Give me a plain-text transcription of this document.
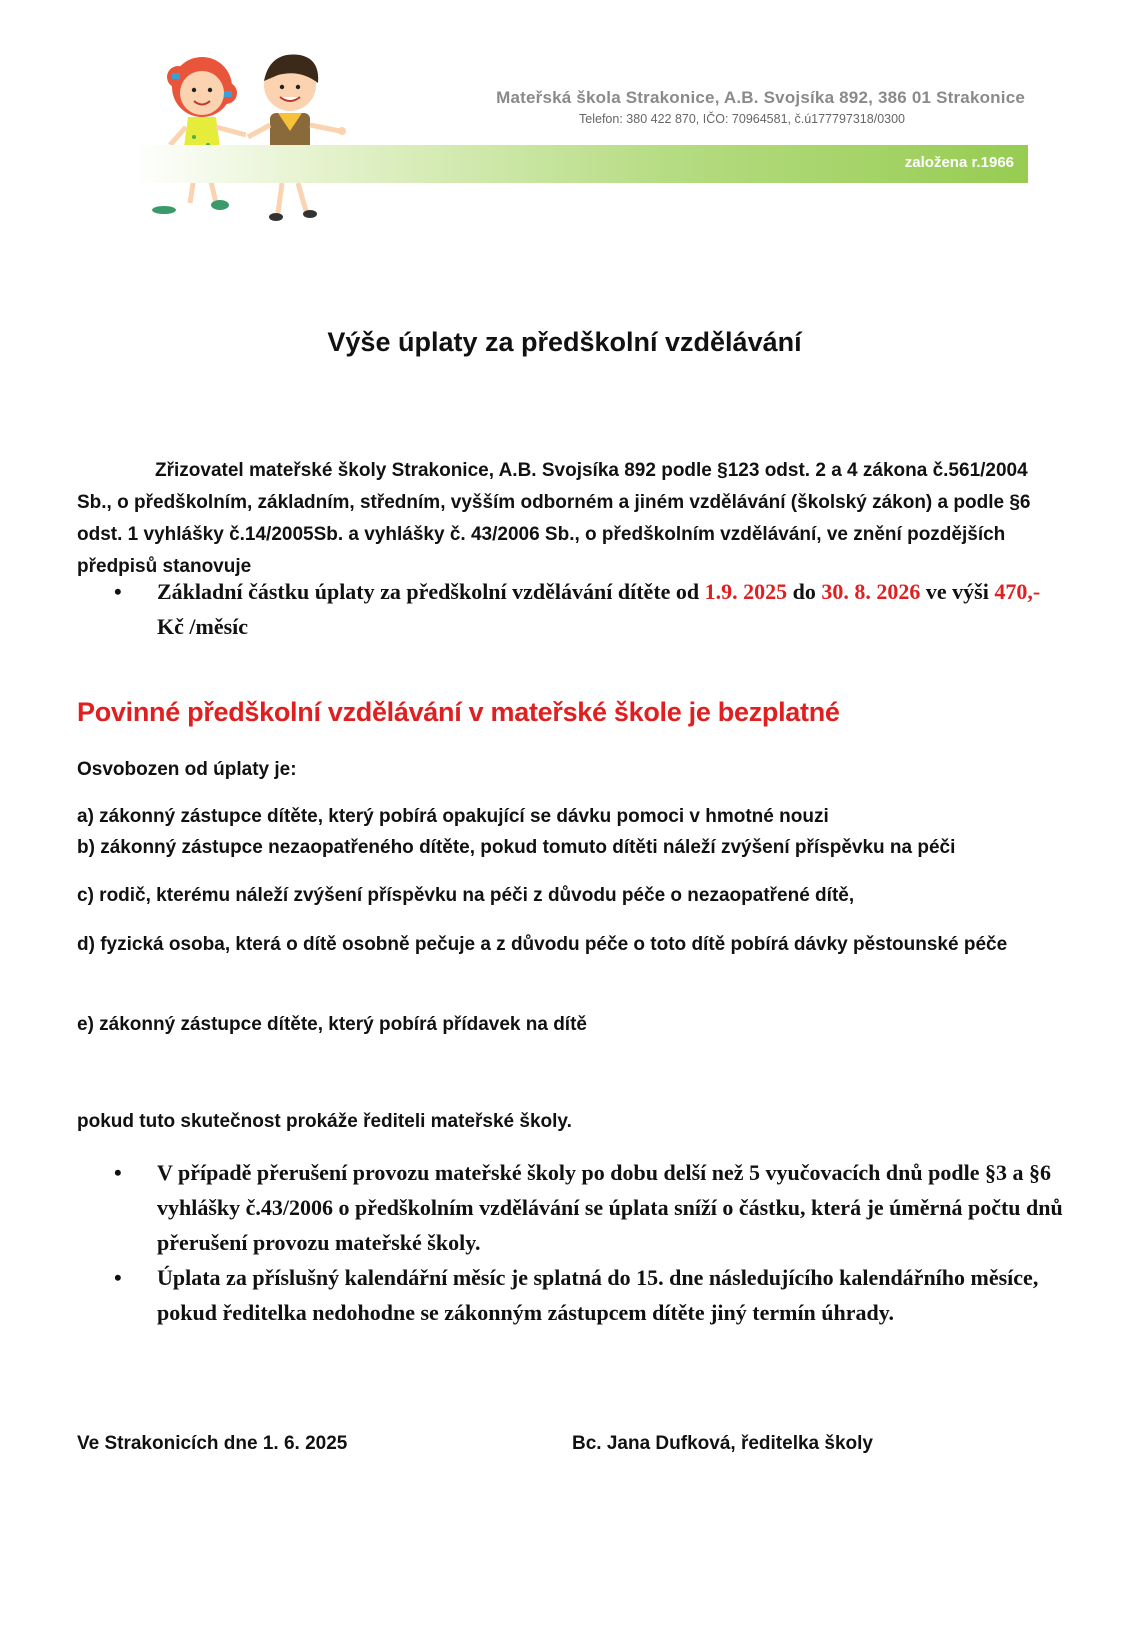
Mateřská škola Strakonice, A.B. Svojsíka 892, 386 01 Strakonice
Telefon: 380 422 870, IČO: 70964581, č.ú177797318/0300
založena r.1966
Výše úplaty za předškolní vzdělávání

Zřizovatel mateřské školy Strakonice, A.B. Svojsíka 892 podle §123 odst. 2 a 4 zákona č.561/2004 Sb., o předškolním, základním, středním, vyšším odborném a jiném vzdělávání (školský zákon) a podle §6 odst. 1 vyhlášky č.14/2005Sb. a vyhlášky č. 43/2006 Sb., o předškolním vzdělávání, ve znění pozdějších předpisů stanovuje

• Základní částku úplaty za předškolní vzdělávání dítěte od 1.9. 2025 do 30. 8. 2026 ve výši 470,- Kč /měsíc
Povinné předškolní vzdělávání v mateřské škole je bezplatné

Osvobozen od úplaty je:

a) zákonný zástupce dítěte, který pobírá opakující se dávku pomoci v hmotné nouzi

b) zákonný zástupce nezaopatřeného dítěte, pokud tomuto dítěti náleží zvýšení příspěvku na péči

c) rodič, kterému náleží zvýšení příspěvku na péči z důvodu péče o nezaopatřené dítě,

d) fyzická osoba, která o dítě osobně pečuje a z důvodu péče o toto dítě pobírá dávky pěstounské péče

e) zákonný zástupce dítěte, který pobírá přídavek na dítě

pokud tuto skutečnost prokáže řediteli mateřské školy.

• V případě přerušení provozu mateřské školy po dobu delší než 5 vyučovacích dnů podle §3 a §6 vyhlášky č.43/2006 o předškolním vzdělávání se úplata sníží o částku, která je úměrná počtu dnů přerušení provozu mateřské školy.
• Úplata za příslušný kalendářní měsíc je splatná do 15. dne následujícího kalendářního měsíce, pokud ředitelka nedohodne se zákonným zástupcem dítěte jiný termín úhrady.
Ve Strakonicích dne 1. 6. 2025	Bc. Jana Dufková, ředitelka školy
